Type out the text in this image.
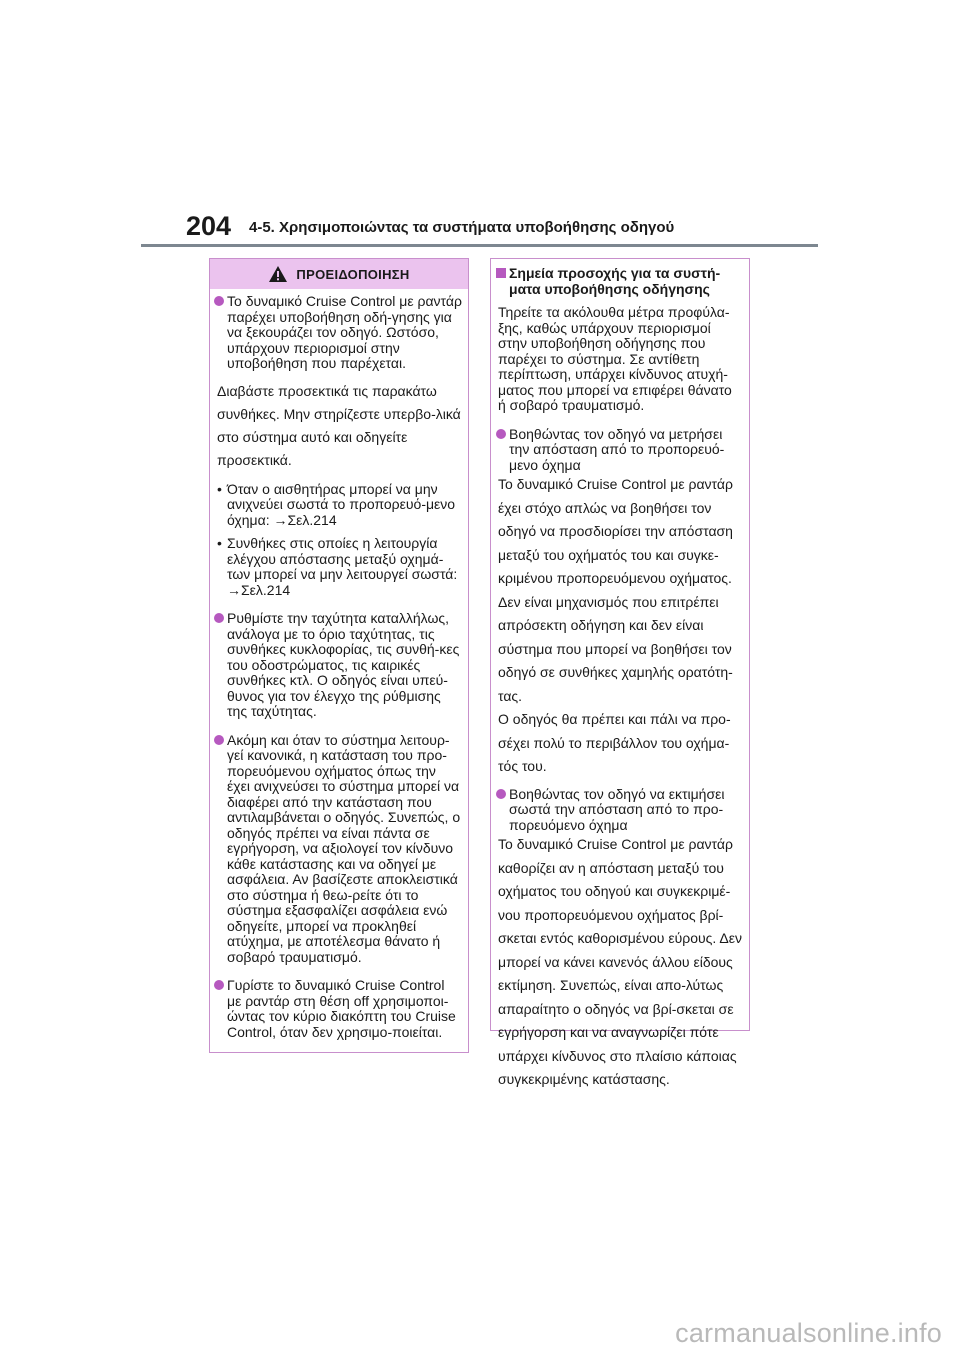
204 4-5. Χρησιμοποιώντας τα συστήματα υποβοήθησης οδηγού
ΠΡΟΕΙΔΟΠΟΙΗΣΗ
Το δυναμικό Cruise Control με ραντάρ παρέχει υποβοήθηση οδή-γησης για να ξεκουράζει τον οδηγό. Ωστόσο, υπάρχουν περιορισμοί στην υποβοήθηση που παρέχεται.
Διαβάστε προσεκτικά τις παρακάτω συνθήκες. Μην στηρίζεστε υπερβο-λικά στο σύστημα αυτό και οδηγείτε προσεκτικά.
• Όταν ο αισθητήρας μπορεί να μην ανιχνεύει σωστά το προπορευό-μενο όχημα: →Σελ.214
• Συνθήκες στις οποίες η λειτουργία ελέγχου απόστασης μεταξύ οχημά-των μπορεί να μην λειτουργεί σωστά: →Σελ.214
Ρυθμίστε την ταχύτητα καταλλήλως, ανάλογα με το όριο ταχύτητας, τις συνθήκες κυκλοφορίας, τις συνθή-κες του οδοστρώματος, τις καιρικές συνθήκες κτλ. Ο οδηγός είναι υπεύ-θυνος για τον έλεγχο της ρύθμισης της ταχύτητας.
Ακόμη και όταν το σύστημα λειτουρ-γεί κανονικά, η κατάσταση του προ-πορευόμενου οχήματος όπως την έχει ανιχνεύσει το σύστημα μπορεί να διαφέρει από την κατάσταση που αντιλαμβάνεται ο οδηγός. Συνεπώς, ο οδηγός πρέπει να είναι πάντα σε εγρήγορση, να αξιολογεί τον κίνδυνο κάθε κατάστασης και να οδηγεί με ασφάλεια. Αν βασίζεστε αποκλειστικά στο σύστημα ή θεω-ρείτε ότι το σύστημα εξασφαλίζει ασφάλεια ενώ οδηγείτε, μπορεί να προκληθεί ατύχημα, με αποτέλεσμα θάνατο ή σοβαρό τραυματισμό.
Γυρίστε το δυναμικό Cruise Control με ραντάρ στη θέση off χρησιμοποι-ώντας τον κύριο διακόπτη του Cruise Control, όταν δεν χρησιμο-ποιείται.
Σημεία προσοχής για τα συστή-ματα υποβοήθησης οδήγησης
Τηρείτε τα ακόλουθα μέτρα προφύλα-ξης, καθώς υπάρχουν περιορισμοί στην υποβοήθηση οδήγησης που παρέχει το σύστημα. Σε αντίθετη περίπτωση, υπάρχει κίνδυνος ατυχή-ματος που μπορεί να επιφέρει θάνατο ή σοβαρό τραυματισμό.
Βοηθώντας τον οδηγό να μετρήσει την απόσταση από το προπορευό-μενο όχημα
Το δυναμικό Cruise Control με ραντάρ έχει στόχο απλώς να βοηθήσει τον οδηγό να προσδιορίσει την απόσταση μεταξύ του οχήματός του και συγκε-κριμένου προπορευόμενου οχήματος. Δεν είναι μηχανισμός που επιτρέπει απρόσεκτη οδήγηση και δεν είναι σύστημα που μπορεί να βοηθήσει τον οδηγό σε συνθήκες χαμηλής ορατότη-τας.
Ο οδηγός θα πρέπει και πάλι να προ-σέχει πολύ το περιβάλλον του οχήμα-τός του.
Βοηθώντας τον οδηγό να εκτιμήσει σωστά την απόσταση από το προ-πορευόμενο όχημα
Το δυναμικό Cruise Control με ραντάρ καθορίζει αν η απόσταση μεταξύ του οχήματος του οδηγού και συγκεκριμέ-νου προπορευόμενου οχήματος βρί-σκεται εντός καθορισμένου εύρους. Δεν μπορεί να κάνει κανενός άλλου είδους εκτίμηση. Συνεπώς, είναι απο-λύτως απαραίτητο ο οδηγός να βρί-σκεται σε εγρήγορση και να αναγνωρίζει πότε υπάρχει κίνδυνος στο πλαίσιο κάποιας συγκεκριμένης κατάστασης.
carmanualsonline.info
